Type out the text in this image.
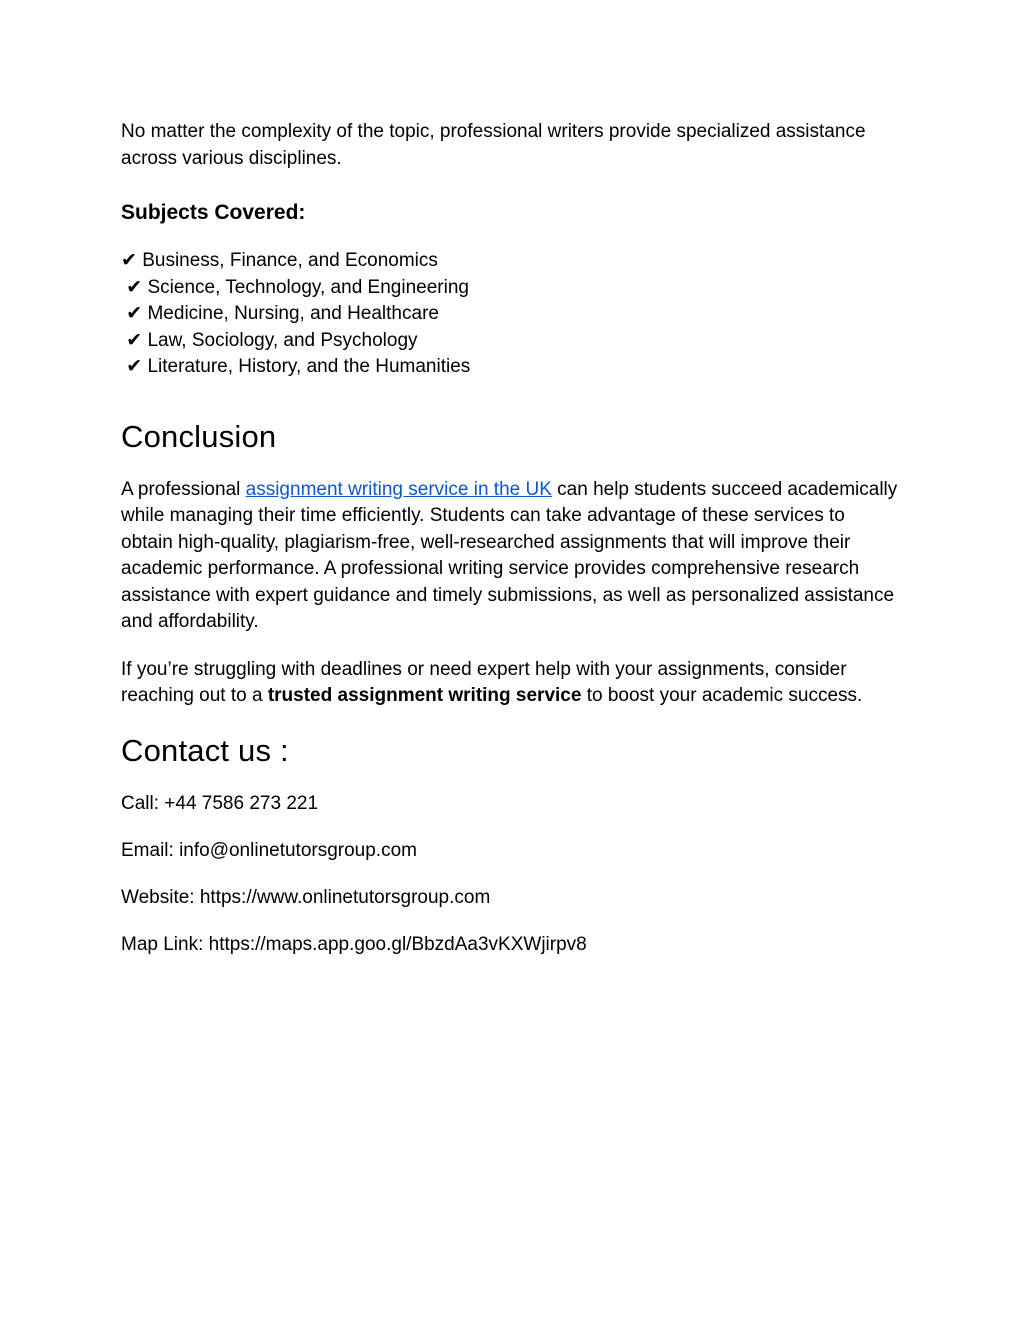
No matter the complexity of the topic, professional writers provide specialized assistance across various disciplines.

Subjects Covered:
✔ Business, Finance, and Economics
✔ Science, Technology, and Engineering
✔ Medicine, Nursing, and Healthcare
✔ Law, Sociology, and Psychology
✔ Literature, History, and the Humanities
Conclusion

A professional assignment writing service in the UK can help students succeed academically while managing their time efficiently. Students can take advantage of these services to obtain high-quality, plagiarism-free, well-researched assignments that will improve their academic performance. A professional writing service provides comprehensive research assistance with expert guidance and timely submissions, as well as personalized assistance and affordability.

If you’re struggling with deadlines or need expert help with your assignments, consider reaching out to a trusted assignment writing service to boost your academic success.

Contact us :

Call: +44 7586 273 221

Email: info@onlinetutorsgroup.com

Website: https://www.onlinetutorsgroup.com

Map Link: https://maps.app.goo.gl/BbzdAa3vKXWjirpv8
